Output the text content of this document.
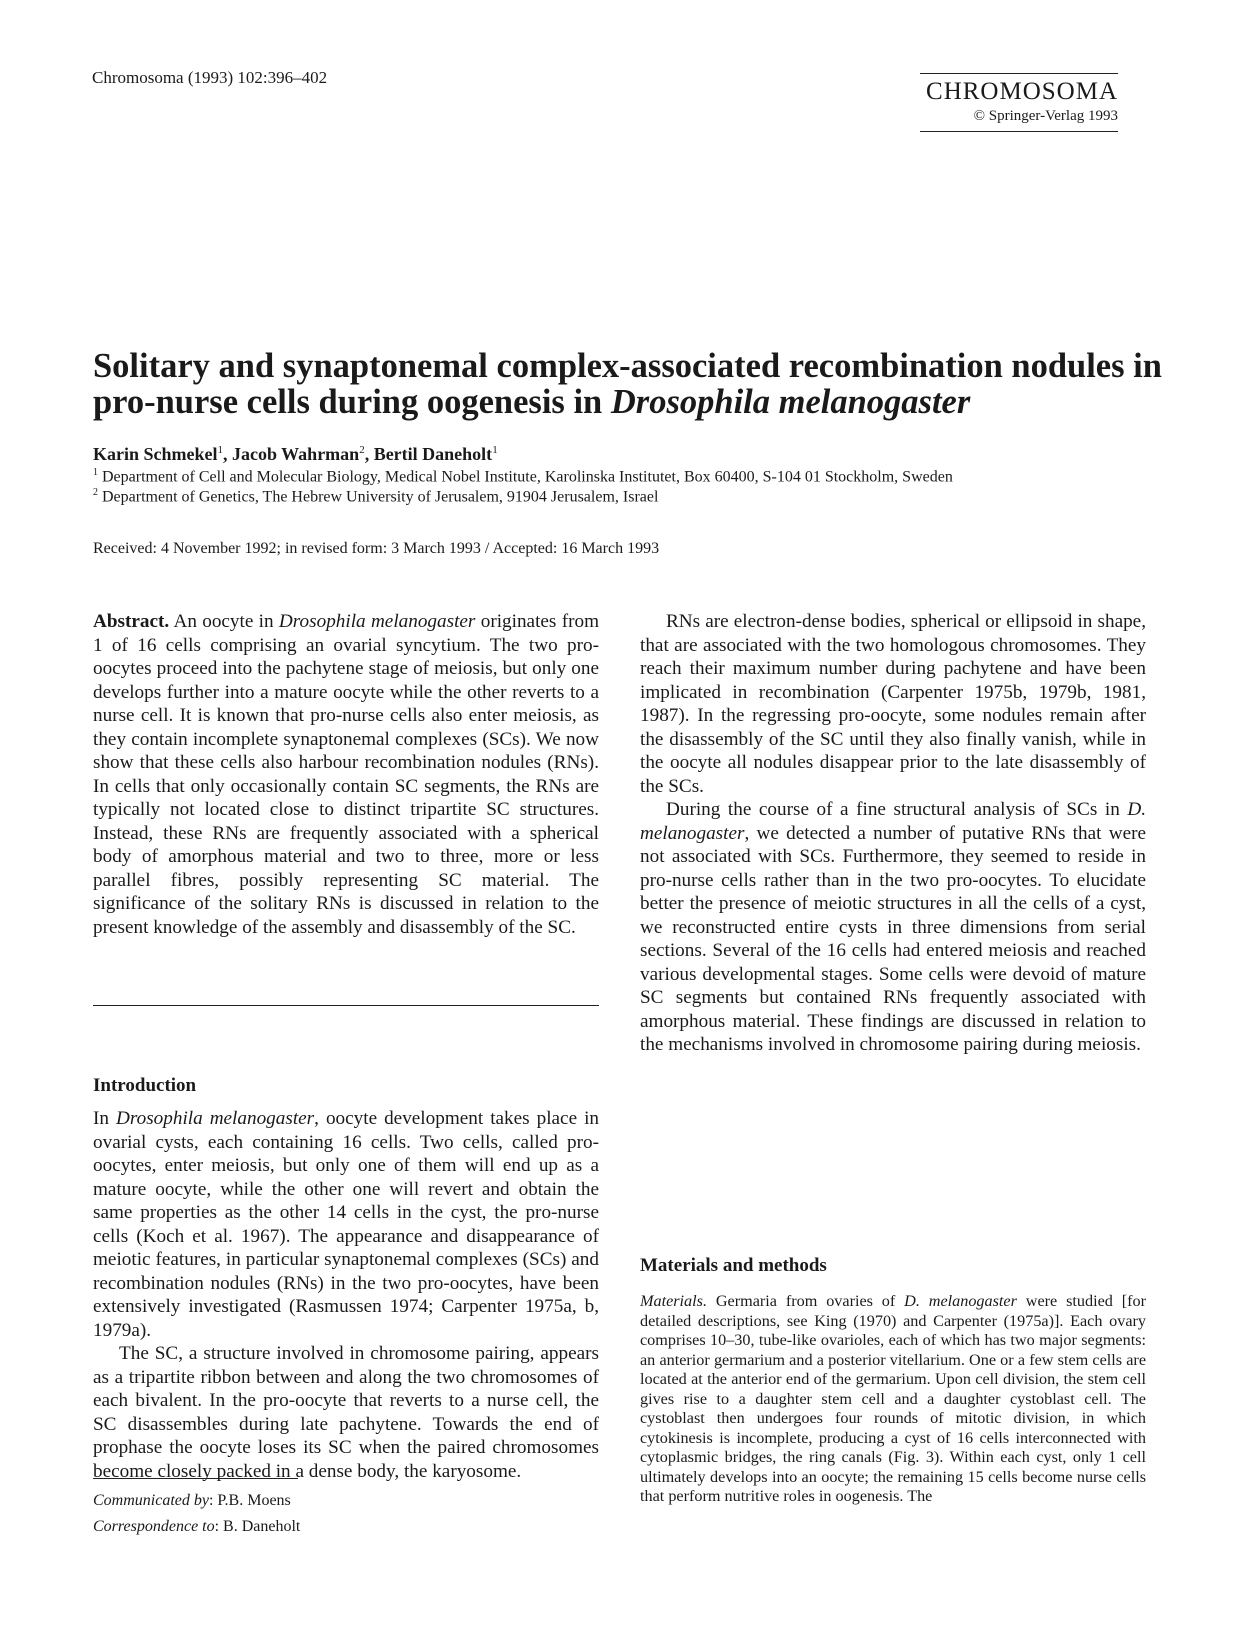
Chromosoma (1993) 102:396–402
CHROMOSOMA
© Springer-Verlag 1993
Solitary and synaptonemal complex-associated recombination nodules in pro-nurse cells during oogenesis in Drosophila melanogaster
Karin Schmekel$^1$, Jacob Wahrman$^2$, Bertil Daneholt$^1$
$^1$ Department of Cell and Molecular Biology, Medical Nobel Institute, Karolinska Institutet, Box 60400, S-104 01 Stockholm, Sweden
$^2$ Department of Genetics, The Hebrew University of Jerusalem, 91904 Jerusalem, Israel
Received: 4 November 1992; in revised form: 3 March 1993 / Accepted: 16 March 1993

Abstract. An oocyte in Drosophila melanogaster originates from 1 of 16 cells comprising an ovarial syncytium. The two pro-oocytes proceed into the pachytene stage of meiosis, but only one develops further into a mature oocyte while the other reverts to a nurse cell. It is known that pro-nurse cells also enter meiosis, as they contain incomplete synaptonemal complexes (SCs). We now show that these cells also harbour recombination nodules (RNs). In cells that only occasionally contain SC segments, the RNs are typically not located close to distinct tripartite SC structures. Instead, these RNs are frequently associated with a spherical body of amorphous material and two to three, more or less parallel fibres, possibly representing SC material. The significance of the solitary RNs is discussed in relation to the present knowledge of the assembly and disassembly of the SC.

Introduction

In Drosophila melanogaster, oocyte development takes place in ovarial cysts, each containing 16 cells. Two cells, called pro-oocytes, enter meiosis, but only one of them will end up as a mature oocyte, while the other one will revert and obtain the same properties as the other 14 cells in the cyst, the pro-nurse cells (Koch et al. 1967). The appearance and disappearance of meiotic features, in particular synaptonemal complexes (SCs) and recombination nodules (RNs) in the two pro-oocytes, have been extensively investigated (Rasmussen 1974; Carpenter 1975a, b, 1979a).

The SC, a structure involved in chromosome pairing, appears as a tripartite ribbon between and along the two chromosomes of each bivalent. In the pro-oocyte that reverts to a nurse cell, the SC disassembles during late pachytene. Towards the end of prophase the oocyte loses its SC when the paired chromosomes become closely packed in a dense body, the karyosome.

RNs are electron-dense bodies, spherical or ellipsoid in shape, that are associated with the two homologous chromosomes. They reach their maximum number during pachytene and have been implicated in recombination (Carpenter 1975b, 1979b, 1981, 1987). In the regressing pro-oocyte, some nodules remain after the disassembly of the SC until they also finally vanish, while in the oocyte all nodules disappear prior to the late disassembly of the SCs.

During the course of a fine structural analysis of SCs in D. melanogaster, we detected a number of putative RNs that were not associated with SCs. Furthermore, they seemed to reside in pro-nurse cells rather than in the two pro-oocytes. To elucidate better the presence of meiotic structures in all the cells of a cyst, we reconstructed entire cysts in three dimensions from serial sections. Several of the 16 cells had entered meiosis and reached various developmental stages. Some cells were devoid of mature SC segments but contained RNs frequently associated with amorphous material. These findings are discussed in relation to the mechanisms involved in chromosome pairing during meiosis.

Materials and methods

Materials. Germaria from ovaries of D. melanogaster were studied [for detailed descriptions, see King (1970) and Carpenter (1975a)]. Each ovary comprises 10–30, tube-like ovarioles, each of which has two major segments: an anterior germarium and a posterior vitellarium. One or a few stem cells are located at the anterior end of the germarium. Upon cell division, the stem cell gives rise to a daughter stem cell and a daughter cystoblast cell. The cystoblast then undergoes four rounds of mitotic division, in which cytokinesis is incomplete, producing a cyst of 16 cells interconnected with cytoplasmic bridges, the ring canals (Fig. 3). Within each cyst, only 1 cell ultimately develops into an oocyte; the remaining 15 cells become nurse cells that perform nutritive roles in oogenesis. The

Communicated by: P.B. Moens
Correspondence to: B. Daneholt
